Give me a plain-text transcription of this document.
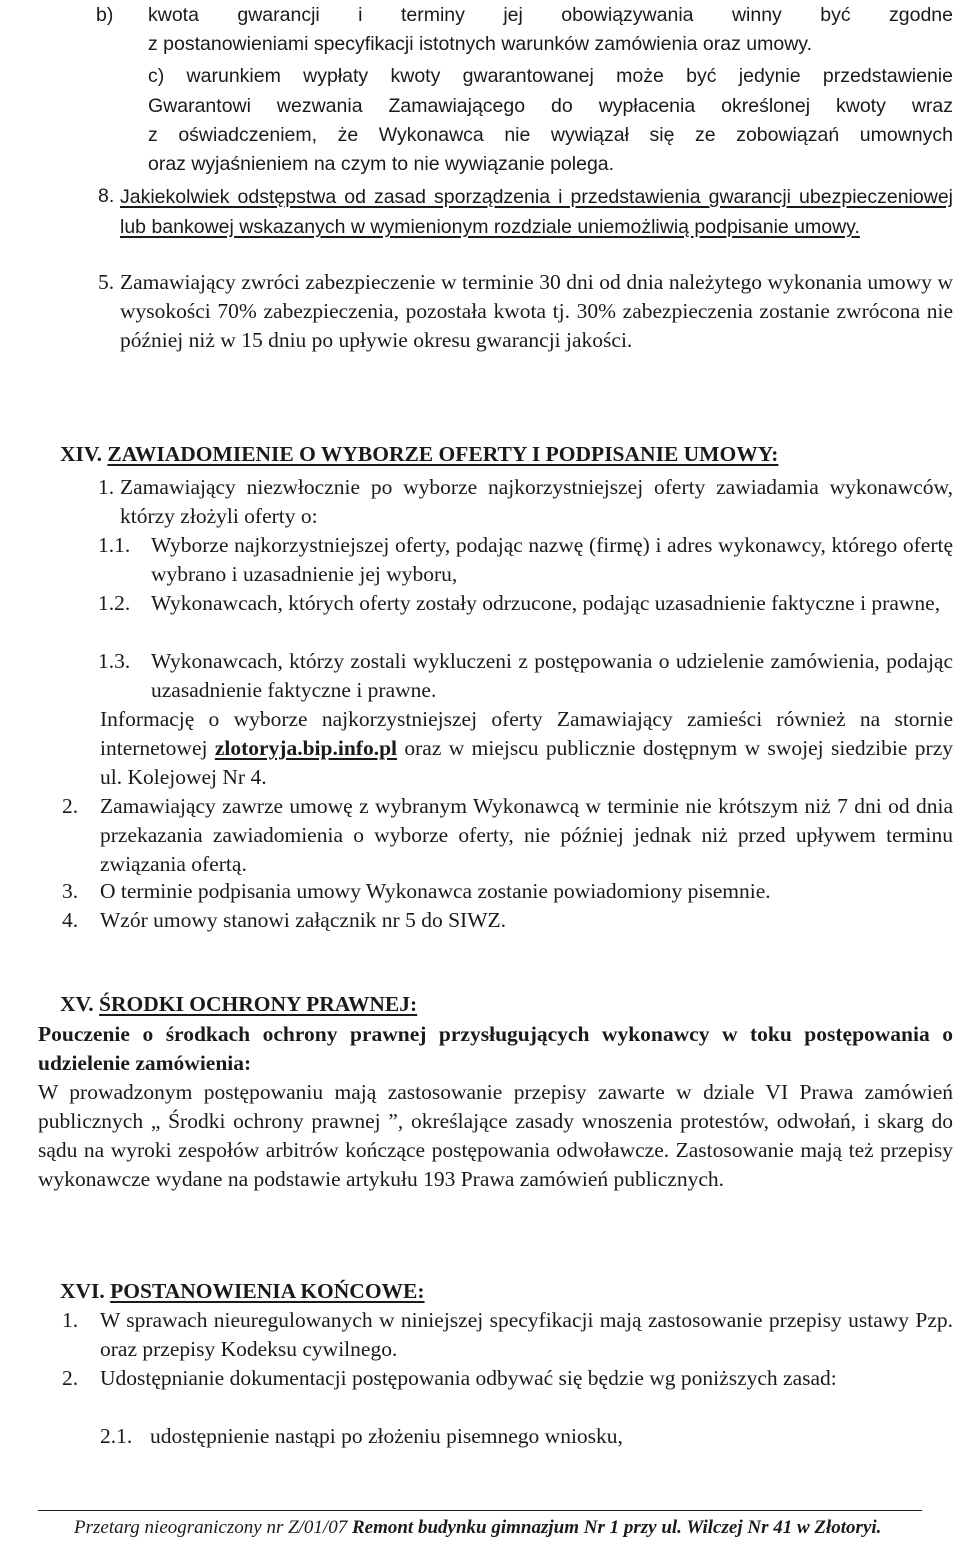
b) kwota gwarancji i terminy jej obowiązywania winny być zgodne

z postanowieniami specyfikacji istotnych warunków zamówienia oraz umowy.

c) warunkiem wypłaty kwoty gwarantowanej może być jedynie przedstawienie

Gwarantowi wezwania Zamawiającego do wypłacenia określonej kwoty wraz

z oświadczeniem, że Wykonawca nie wywiązał się ze zobowiązań umownych

oraz wyjaśnieniem na czym to nie wywiązanie polega.

8. Jakiekolwiek odstępstwa od zasad sporządzenia i przedstawienia gwarancji ubezpieczeniowej lub bankowej wskazanych w wymienionym rozdziale uniemożliwią podpisanie umowy.

5. Zamawiający zwróci zabezpieczenie w terminie 30 dni od dnia należytego wykonania umowy w wysokości 70% zabezpieczenia, pozostała kwota tj. 30% zabezpieczenia zostanie zwrócona nie później niż w 15 dniu po upływie okresu gwarancji jakości.

XIV. ZAWIADOMIENIE O WYBORZE OFERTY I PODPISANIE UMOWY:
1. Zamawiający niezwłocznie po wyborze najkorzystniejszej oferty zawiadamia wykonawców, którzy złożyli oferty o:

1.1. Wyborze najkorzystniejszej oferty, podając nazwę (firmę) i adres wykonawcy, którego ofertę wybrano i uzasadnienie jej wyboru,

1.2. Wykonawcach, których oferty zostały odrzucone, podając uzasadnienie faktyczne i prawne,

1.3. Wykonawcach, którzy zostali wykluczeni z postępowania o udzielenie zamówienia, podając uzasadnienie faktyczne i prawne.

Informację o wyborze najkorzystniejszej oferty Zamawiający zamieści również na stornie internetowej zlotoryja.bip.info.pl oraz w miejscu publicznie dostępnym w swojej siedzibie przy ul. Kolejowej Nr 4.

2. Zamawiający zawrze umowę z wybranym Wykonawcą w terminie nie krótszym niż 7 dni od dnia przekazania zawiadomienia o wyborze oferty, nie później jednak niż przed upływem terminu związania ofertą.

3. O terminie podpisania umowy Wykonawca zostanie powiadomiony pisemnie.

4. Wzór umowy stanowi załącznik nr 5 do SIWZ.

XV. ŚRODKI OCHRONY PRAWNEJ:

Pouczenie o środkach ochrony prawnej przysługujących wykonawcy w toku postępowania o udzielenie zamówienia:

W prowadzonym postępowaniu mają zastosowanie przepisy zawarte w dziale VI Prawa zamówień publicznych „ Środki ochrony prawnej ”, określające zasady wnoszenia protestów, odwołań, i skarg do sądu na wyroki zespołów arbitrów kończące postępowania odwoławcze. Zastosowanie mają też przepisy wykonawcze wydane na podstawie artykułu 193 Prawa zamówień publicznych.

XVI. POSTANOWIENIA KOŃCOWE:
1. W sprawach nieuregulowanych w niniejszej specyfikacji mają zastosowanie przepisy ustawy Pzp. oraz przepisy Kodeksu cywilnego.

2. Udostępnianie dokumentacji postępowania odbywać się będzie wg poniższych zasad:

2.1. udostępnienie nastąpi po złożeniu pisemnego wniosku,

Przetarg nieograniczony nr Z/01/07 Remont budynku gimnazjum Nr 1 przy ul. Wilczej Nr 41 w Złotoryi.
